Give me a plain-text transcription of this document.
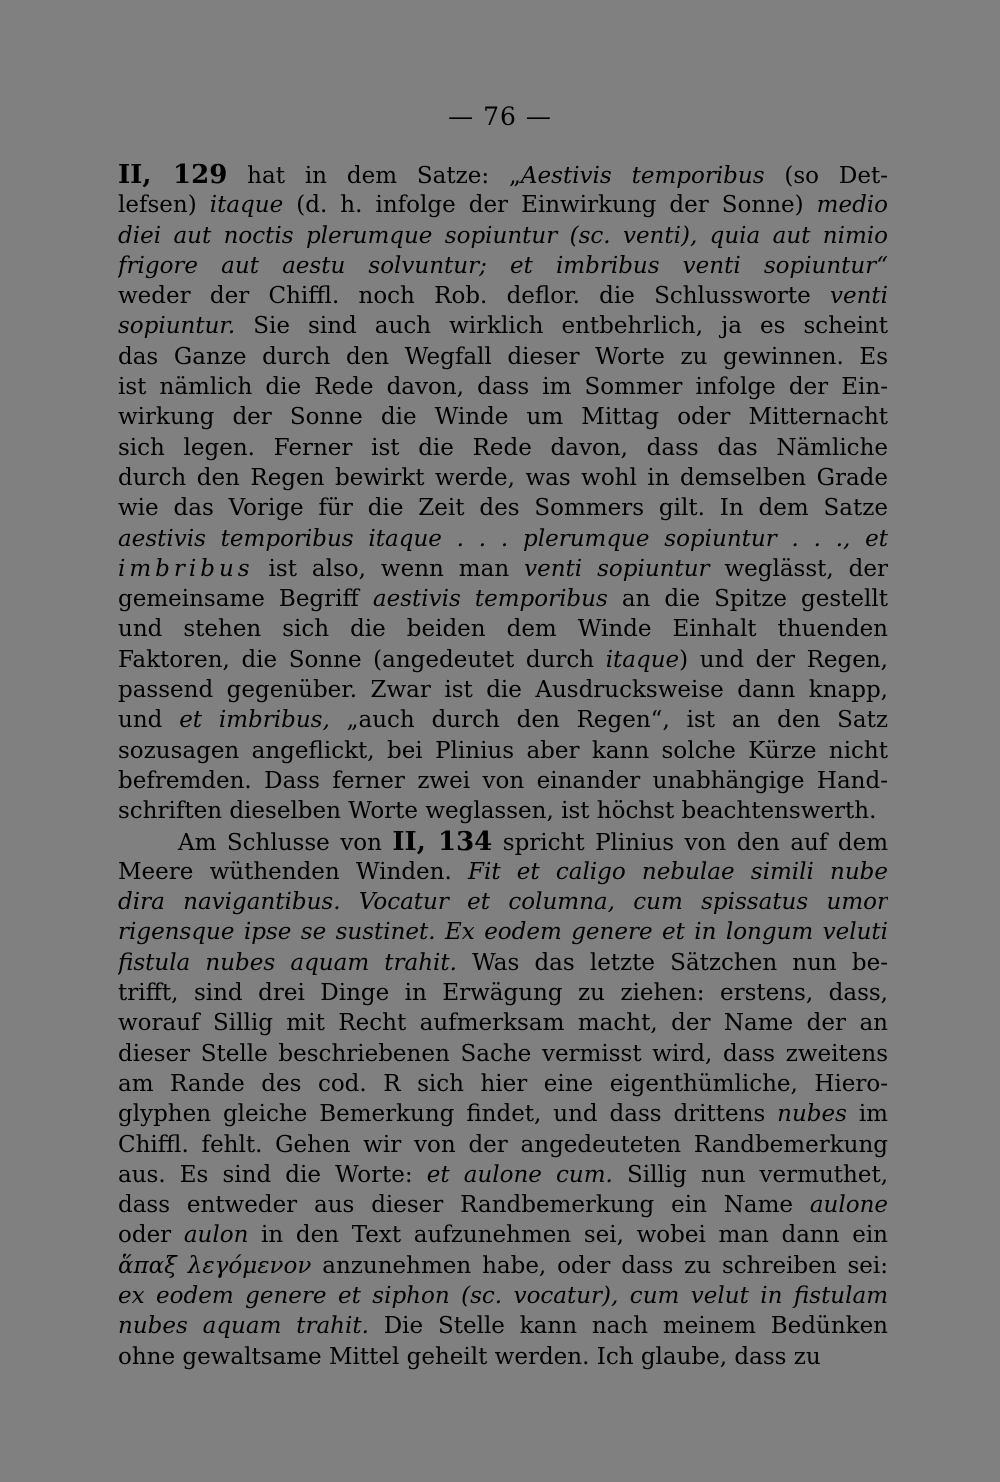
— 76 —
II, 129 hat in dem Satze: „Aestivis temporibus (so Det-
lefsen) itaque (d. h. infolge der Einwirkung der Sonne) medio
diei aut noctis plerumque sopiuntur (sc. venti), quia aut nimio
frigore aut aestu solvuntur; et imbribus venti sopiuntur“
weder der Chiffl. noch Rob. deflor. die Schlussworte venti
sopiuntur. Sie sind auch wirklich entbehrlich, ja es scheint
das Ganze durch den Wegfall dieser Worte zu gewinnen. Es
ist nämlich die Rede davon, dass im Sommer infolge der Ein-
wirkung der Sonne die Winde um Mittag oder Mitternacht
sich legen. Ferner ist die Rede davon, dass das Nämliche
durch den Regen bewirkt werde, was wohl in demselben Grade
wie das Vorige für die Zeit des Sommers gilt. In dem Satze
aestivis temporibus itaque . . . plerumque sopiuntur . . ., et
imbribus ist also, wenn man venti sopiuntur weglässt, der
gemeinsame Begriff aestivis temporibus an die Spitze gestellt
und stehen sich die beiden dem Winde Einhalt thuenden
Faktoren, die Sonne (angedeutet durch itaque) und der Regen,
passend gegenüber. Zwar ist die Ausdrucksweise dann knapp,
und et imbribus, „auch durch den Regen“, ist an den Satz
sozusagen angeflickt, bei Plinius aber kann solche Kürze nicht
befremden. Dass ferner zwei von einander unabhängige Hand-
schriften dieselben Worte weglassen, ist höchst beachtenswerth.
Am Schlusse von II, 134 spricht Plinius von den auf dem
Meere wüthenden Winden. Fit et caligo nebulae simili nube
dira navigantibus. Vocatur et columna, cum spissatus umor
rigensque ipse se sustinet. Ex eodem genere et in longum veluti
fistula nubes aquam trahit. Was das letzte Sätzchen nun be-
trifft, sind drei Dinge in Erwägung zu ziehen: erstens, dass,
worauf Sillig mit Recht aufmerksam macht, der Name der an
dieser Stelle beschriebenen Sache vermisst wird, dass zweitens
am Rande des cod. R sich hier eine eigenthümliche, Hiero-
glyphen gleiche Bemerkung findet, und dass drittens nubes im
Chiffl. fehlt. Gehen wir von der angedeuteten Randbemerkung
aus. Es sind die Worte: et aulone cum. Sillig nun vermuthet,
dass entweder aus dieser Randbemerkung ein Name aulone
oder aulon in den Text aufzunehmen sei, wobei man dann ein
ἅπαξ λεγόμενον anzunehmen habe, oder dass zu schreiben sei:
ex eodem genere et siphon (sc. vocatur), cum velut in fistulam
nubes aquam trahit. Die Stelle kann nach meinem Bedünken
ohne gewaltsame Mittel geheilt werden. Ich glaube, dass zu
